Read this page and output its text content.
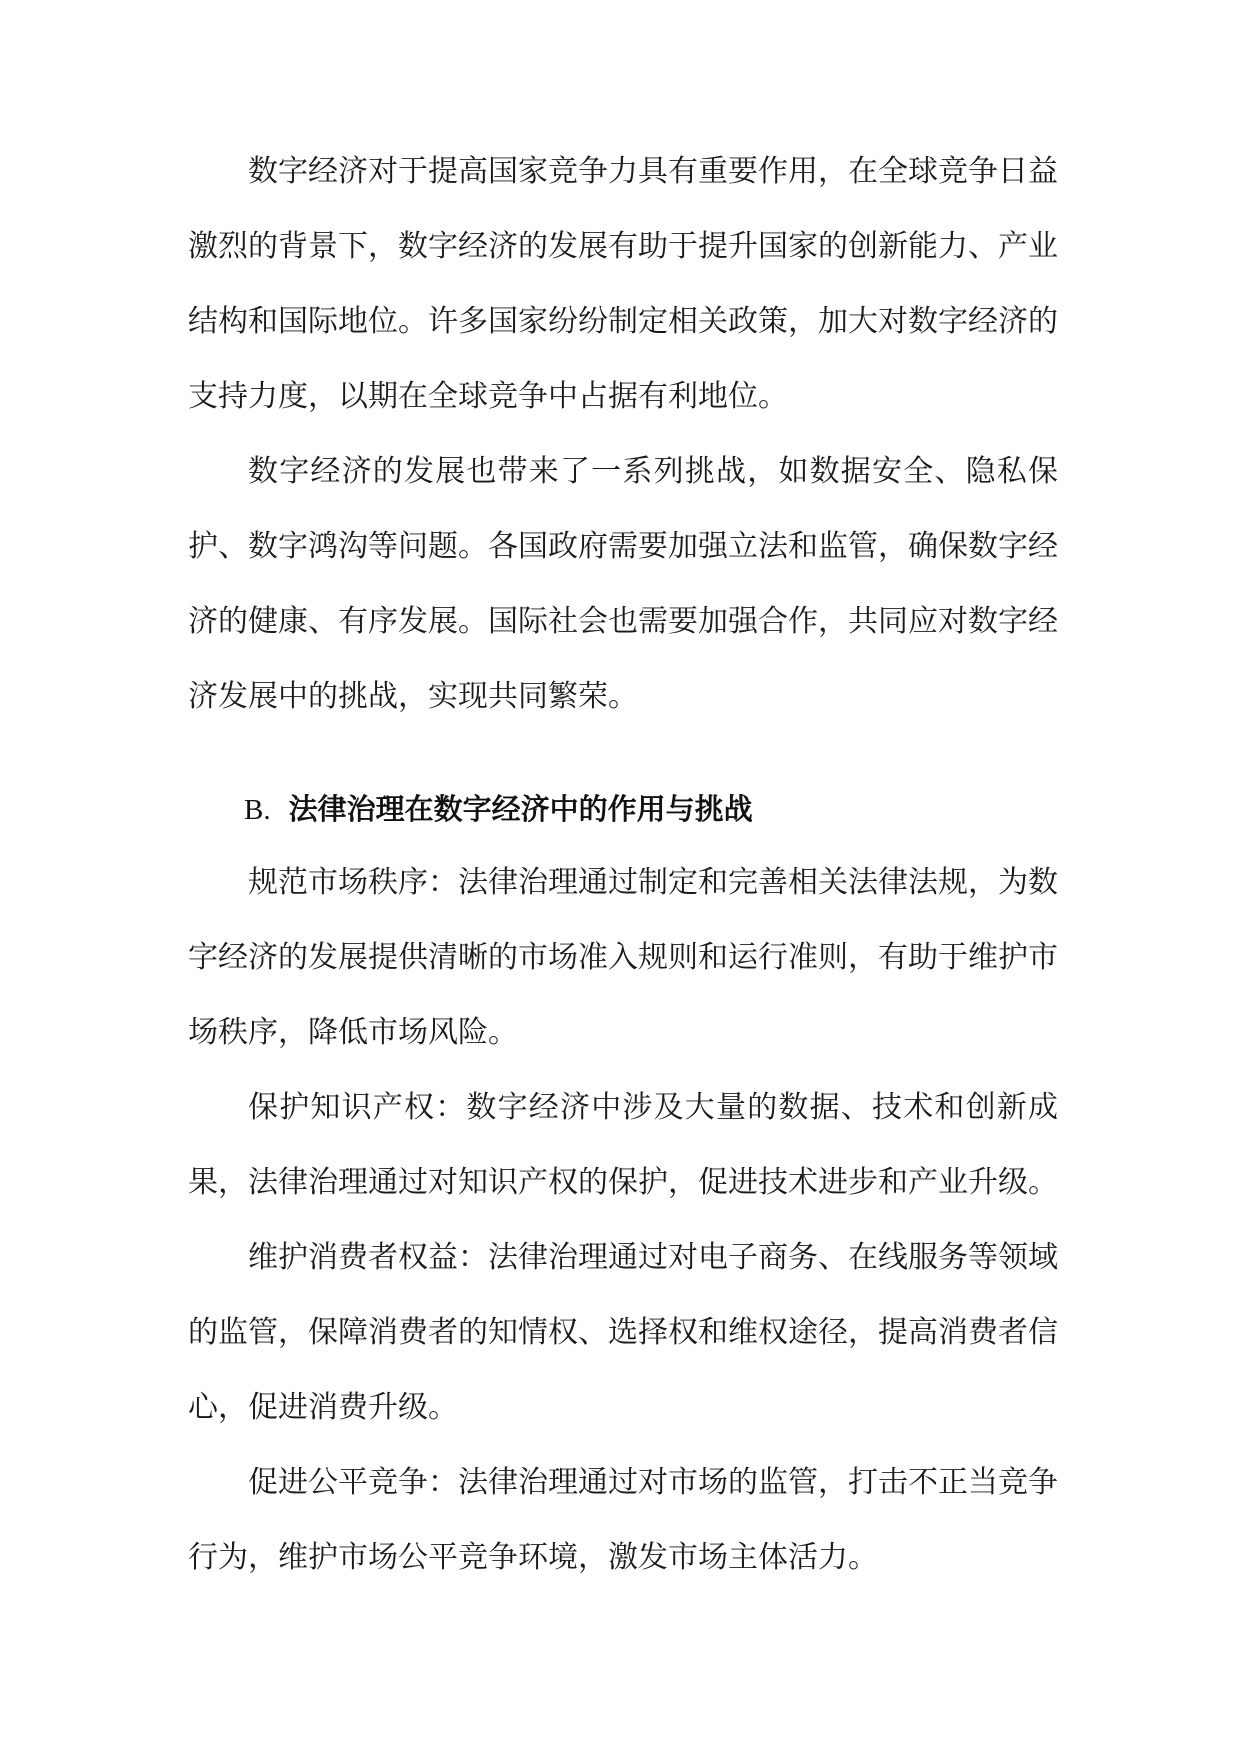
数字经济对于提高国家竞争力具有重要作用，在全球竞争日益激烈的背景下，数字经济的发展有助于提升国家的创新能力、产业结构和国际地位。许多国家纷纷制定相关政策，加大对数字经济的支持力度，以期在全球竞争中占据有利地位。

数字经济的发展也带来了一系列挑战，如数据安全、隐私保护、数字鸿沟等问题。各国政府需要加强立法和监管，确保数字经济的健康、有序发展。国际社会也需要加强合作，共同应对数字经济发展中的挑战，实现共同繁荣。

B. 法律治理在数字经济中的作用与挑战

规范市场秩序：法律治理通过制定和完善相关法律法规，为数字经济的发展提供清晰的市场准入规则和运行准则，有助于维护市场秩序，降低市场风险。

保护知识产权：数字经济中涉及大量的数据、技术和创新成果，法律治理通过对知识产权的保护，促进技术进步和产业升级。

维护消费者权益：法律治理通过对电子商务、在线服务等领域的监管，保障消费者的知情权、选择权和维权途径，提高消费者信心，促进消费升级。

促进公平竞争：法律治理通过对市场的监管，打击不正当竞争行为，维护市场公平竞争环境，激发市场主体活力。
